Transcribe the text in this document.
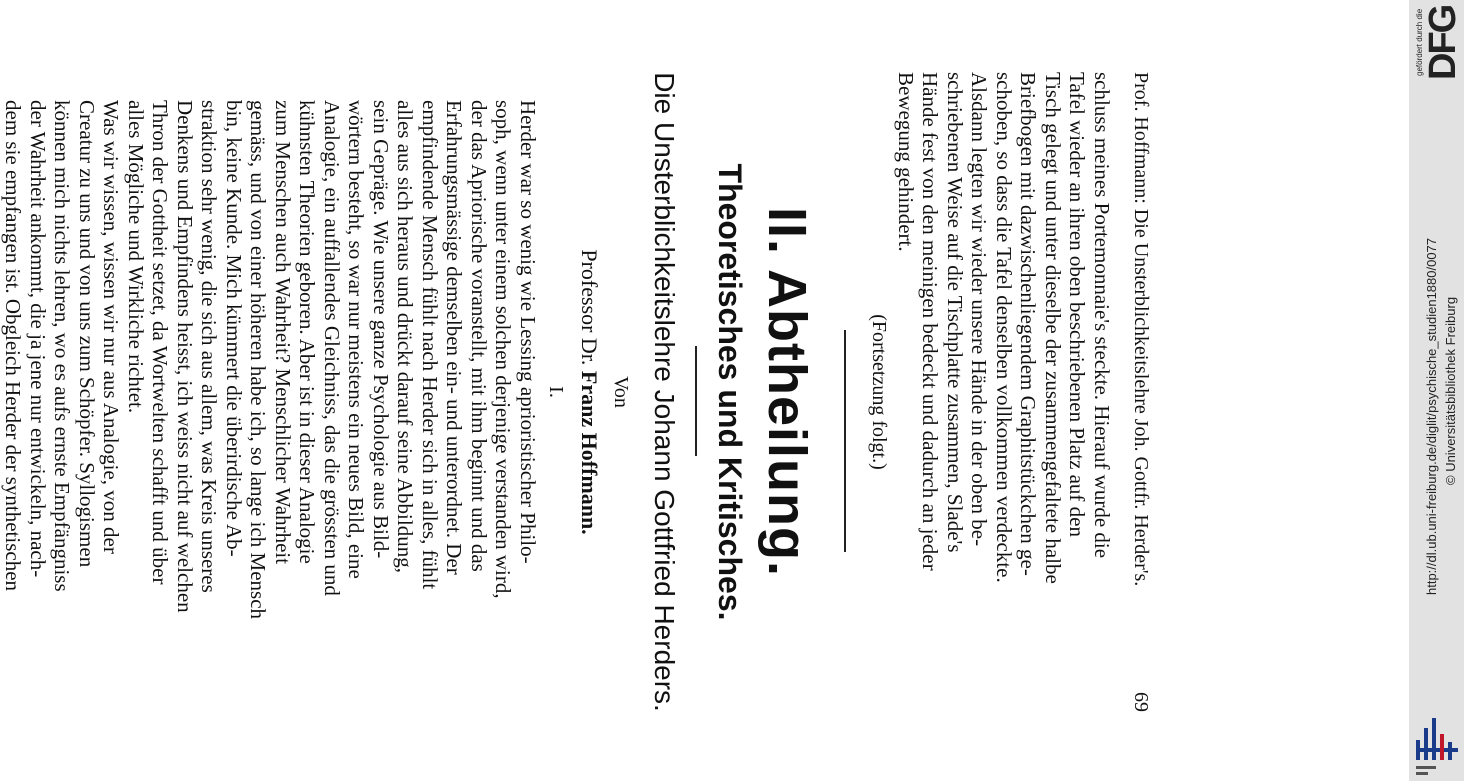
Prof. Hoffmann: Die Unsterblichkeitslehre Joh. Gottfr. Herder's.
69

schluss meines Portemonnaie's steckte. Hierauf wurde die
Tafel wieder an ihren oben beschriebenen Platz auf den
Tisch gelegt und unter dieselbe der zusammengefaltete halbe
Briefbogen mit dazwischenliegendem Graphitstückchen ge-
schoben, so dass die Tafel denselben vollkommen verdeckte.
Alsdann legten wir wieder unsere Hände in der oben be-
schriebenen Weise auf die Tischplatte zusammen, Slade's
Hände fest von den meinigen bedeckt und dadurch an jeder
Bewegung gehindert.

(Fortsetzung folgt.)
II. Abtheilung.
Theoretisches und Kritisches.
Die Unsterblichkeitslehre Johann Gottfried Herders.
Von
Professor Dr. Franz Hoffmann.
I.

Herder war so wenig wie Lessing aprioristischer Philo-
soph, wenn unter einem solchen derjenige verstanden wird,
der das Apriorische voranstellt, mit ihm beginnt und das
Erfahrungsmässige demselben ein- und unterordnet. Der
empfindende Mensch fühlt nach Herder sich in alles, fühlt
alles aus sich heraus und drückt darauf seine Abbildung,
sein Gepräge. Wie unsere ganze Psychologie aus Bild-
wörtern besteht, so war nur meistens ein neues Bild, eine
Analogie, ein auffallendes Gleichniss, das die grössten und
kühnsten Theorien geboren. Aber ist in dieser Analogie
zum Menschen auch Wahrheit? Menschlicher Wahrheit
gemäss, und von einer höheren habe ich, so lange ich Mensch
bin, keine Kunde. Mich kümmert die überirdische Ab-
straktion sehr wenig, die sich aus allem, was Kreis unseres
Denkens und Empfindens heisst, ich weiss nicht auf welchen
Thron der Gottheit setzet, da Wortwelten schafft und über
alles Mögliche und Wirkliche richtet.

Was wir wissen, wissen wir nur aus Analogie, von der
Creatur zu uns und von uns zum Schöpfer. Syllogismen
können mich nichts lehren, wo es aufs ernste Empfängniss
der Wahrheit ankommt, die ja jene nur entwickeln, nach-
dem sie empfangen ist. Obgleich Herder der synthetischen	http://dl.ub.uni-freiburg.de/diglit/psychische_studien1880/0077 © Universitätsbibliothek Freiburg
gefördert durch die
DFG
